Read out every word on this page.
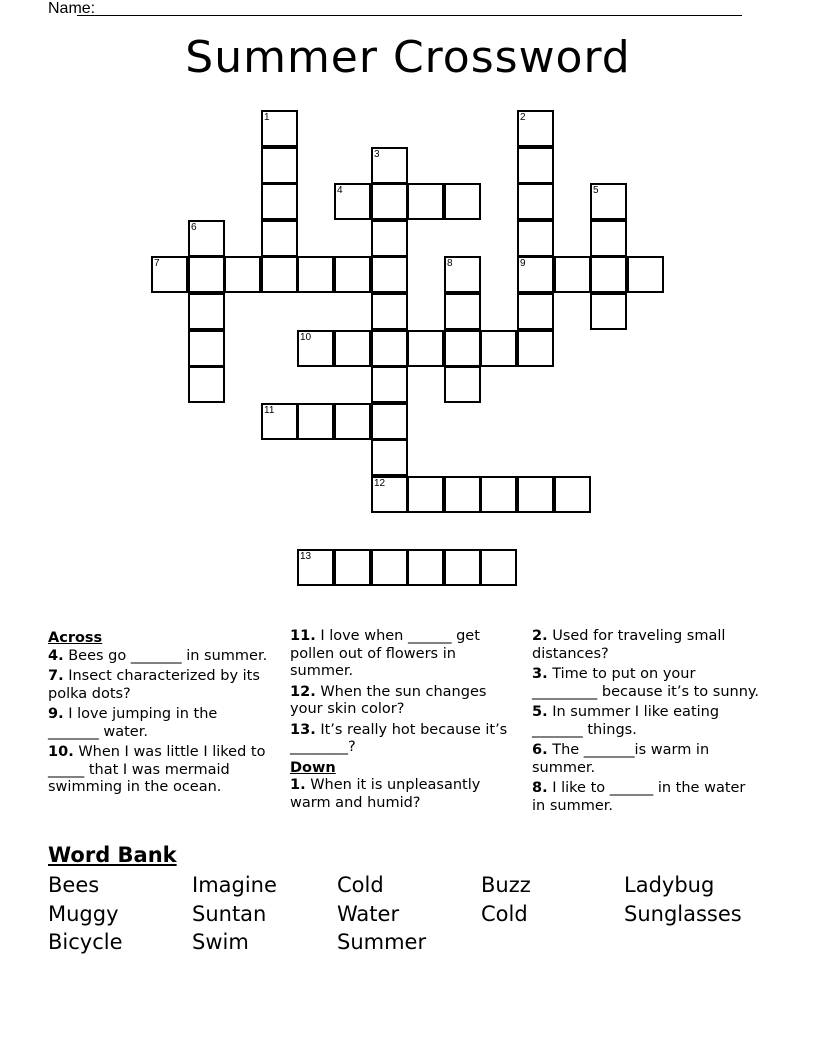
Name:
Summer Crossword
1	2
9
3
12
4	5
6
7	8
10
11
13
Across
4. Bees go _______ in summer.
7. Insect characterized by its polka dots?
9. I love jumping in the _______ water.
10. When I was little I liked to _____ that I was mermaid swimming in the ocean.
11. I love when ______ get pollen out of flowers in summer.
12. When the sun changes your skin color?
13. It’s really hot because it’s ________?
Down
1. When it is unpleasantly warm and humid?
2. Used for traveling small distances?
3. Time to put on your _________ because it’s to sunny.
5. In summer I like eating _______ things.
6. The _______is warm in summer.
8. I like to ______ in the water in summer.
Word Bank
Bees	Imagine	Cold	Buzz	Ladybug
Muggy	Suntan	Water	Cold	Sunglasses
Bicycle	Swim	Summer
